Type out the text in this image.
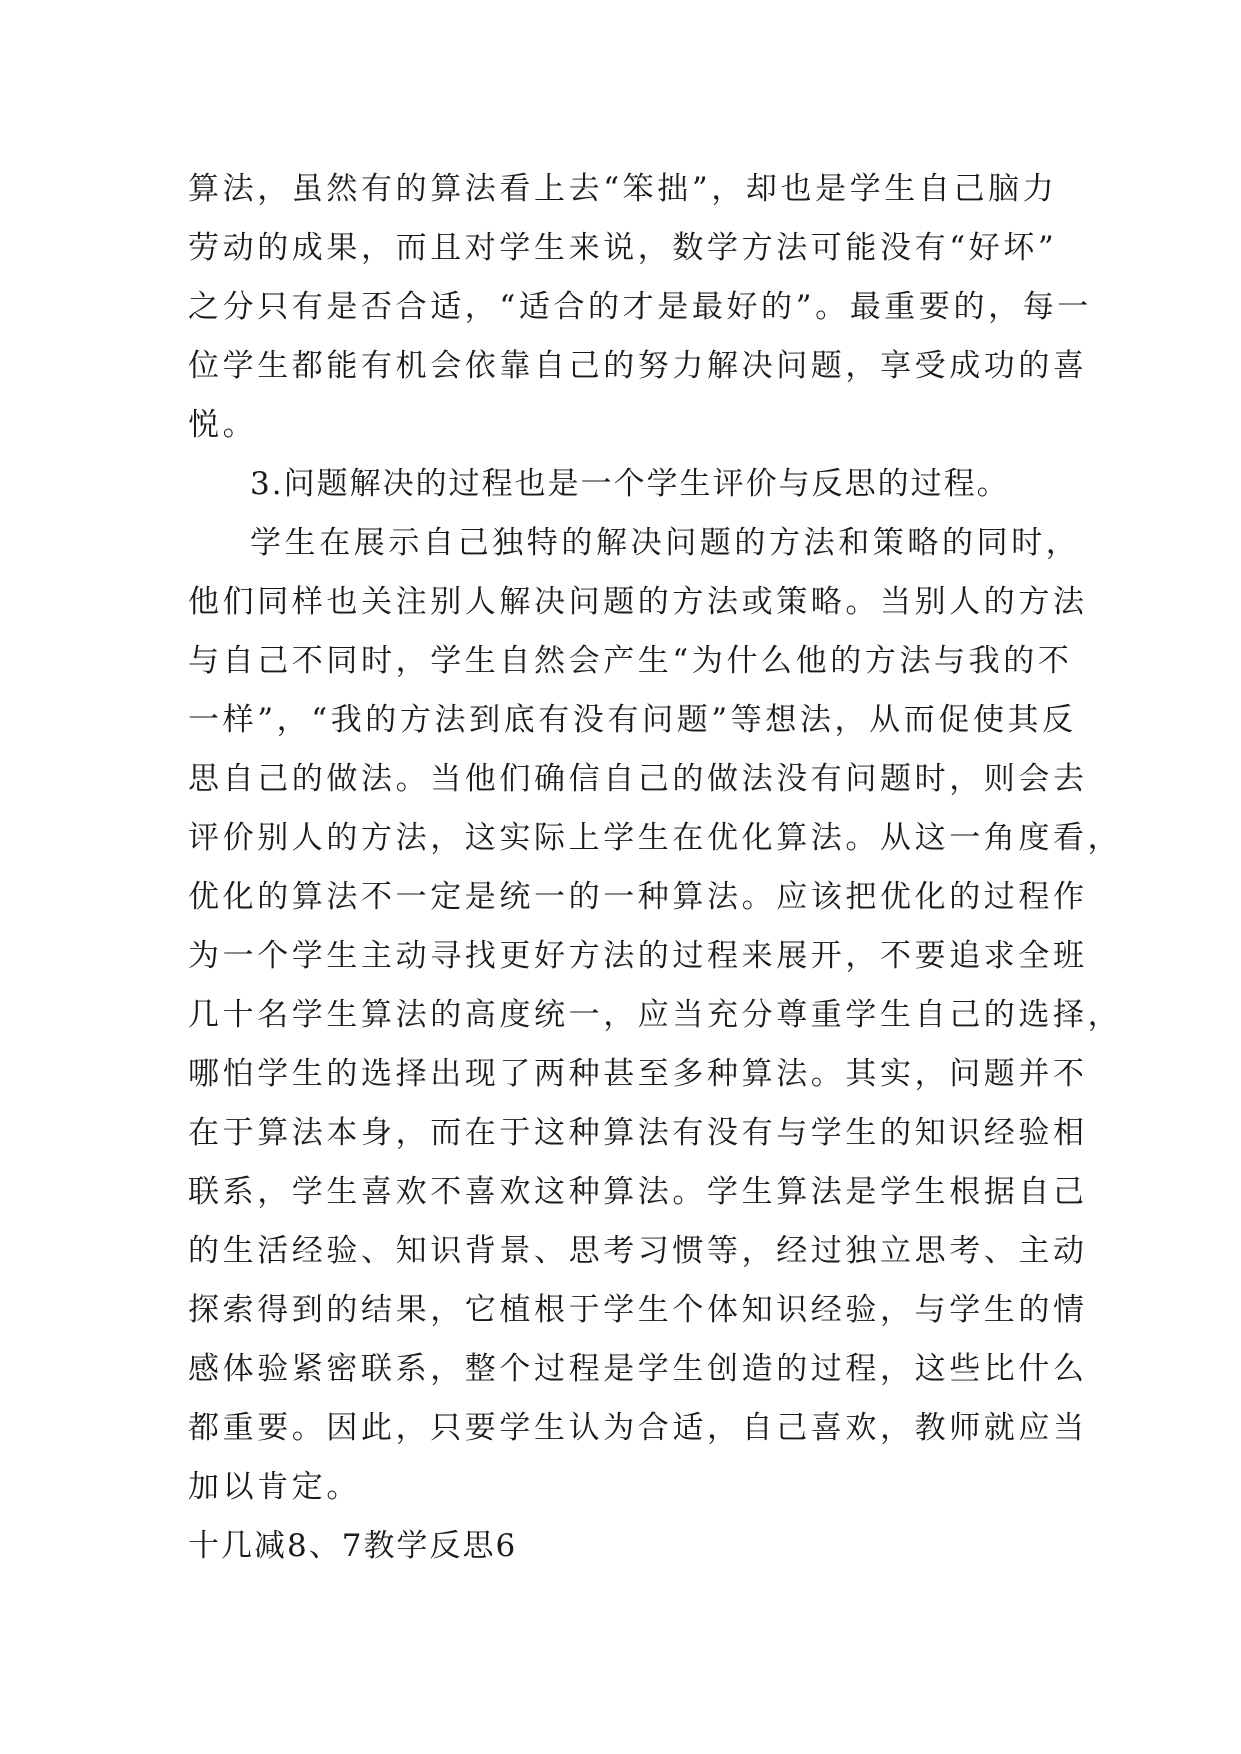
算法，虽然有的算法看上去“笨拙”，却也是学生自己脑力
劳动的成果，而且对学生来说，数学方法可能没有“好坏”
之分只有是否合适，“适合的才是最好的”。最重要的，每一
位学生都能有机会依靠自己的努力解决问题，享受成功的喜
悦。
3.问题解决的过程也是一个学生评价与反思的过程。
学生在展示自己独特的解决问题的方法和策略的同时，
他们同样也关注别人解决问题的方法或策略。当别人的方法
与自己不同时，学生自然会产生“为什么他的方法与我的不
一样”，“我的方法到底有没有问题”等想法，从而促使其反
思自己的做法。当他们确信自己的做法没有问题时，则会去
评价别人的方法，这实际上学生在优化算法。从这一角度看，
优化的算法不一定是统一的一种算法。应该把优化的过程作
为一个学生主动寻找更好方法的过程来展开，不要追求全班
几十名学生算法的高度统一，应当充分尊重学生自己的选择，
哪怕学生的选择出现了两种甚至多种算法。其实，问题并不
在于算法本身，而在于这种算法有没有与学生的知识经验相
联系，学生喜欢不喜欢这种算法。学生算法是学生根据自己
的生活经验、知识背景、思考习惯等，经过独立思考、主动
探索得到的结果，它植根于学生个体知识经验，与学生的情
感体验紧密联系，整个过程是学生创造的过程，这些比什么
都重要。因此，只要学生认为合适，自己喜欢，教师就应当
加以肯定。
十几减8、7教学反思6
